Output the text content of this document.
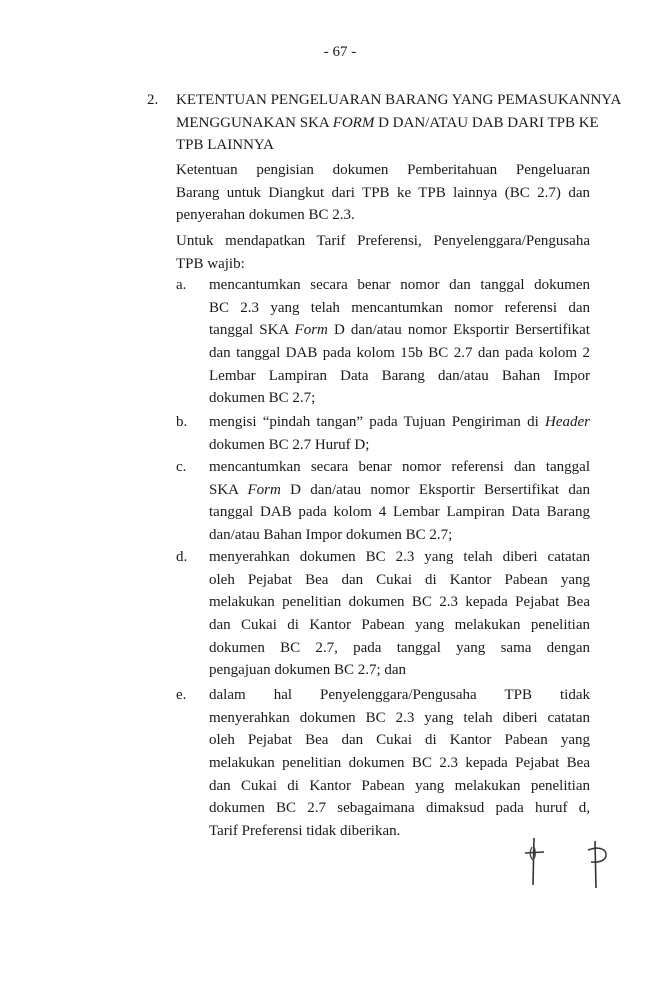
- 67 -
2. KETENTUAN PENGELUARAN BARANG YANG PEMASUKANNYA
MENGGUNAKAN SKA FORM D DAN/ATAU DAB DARI TPB KE
TPB LAINNYA
Ketentuan pengisian dokumen Pemberitahuan Pengeluaran
Barang untuk Diangkut dari TPB ke TPB lainnya (BC 2.7) dan
penyerahan dokumen BC 2.3.
Untuk mendapatkan Tarif Preferensi, Penyelenggara/Pengusaha
TPB wajib:
a. mencantumkan secara benar nomor dan tanggal dokumen
BC 2.3 yang telah mencantumkan nomor referensi dan
tanggal SKA Form D dan/atau nomor Eksportir Bersertifikat
dan tanggal DAB pada kolom 15b BC 2.7 dan pada kolom 2
Lembar Lampiran Data Barang dan/atau Bahan Impor
dokumen BC 2.7;
b. mengisi “pindah tangan” pada Tujuan Pengiriman di Header
dokumen BC 2.7 Huruf D;
c. mencantumkan secara benar nomor referensi dan tanggal
SKA Form D dan/atau nomor Eksportir Bersertifikat dan
tanggal DAB pada kolom 4 Lembar Lampiran Data Barang
dan/atau Bahan Impor dokumen BC 2.7;
d. menyerahkan dokumen BC 2.3 yang telah diberi catatan
oleh Pejabat Bea dan Cukai di Kantor Pabean yang
melakukan penelitian dokumen BC 2.3 kepada Pejabat Bea
dan Cukai di Kantor Pabean yang melakukan penelitian
dokumen BC 2.7, pada tanggal yang sama dengan
pengajuan dokumen BC 2.7; dan
e. dalam hal Penyelenggara/Pengusaha TPB tidak
menyerahkan dokumen BC 2.3 yang telah diberi catatan
oleh Pejabat Bea dan Cukai di Kantor Pabean yang
melakukan penelitian dokumen BC 2.3 kepada Pejabat Bea
dan Cukai di Kantor Pabean yang melakukan penelitian
dokumen BC 2.7 sebagaimana dimaksud pada huruf d,
Tarif Preferensi tidak diberikan.
